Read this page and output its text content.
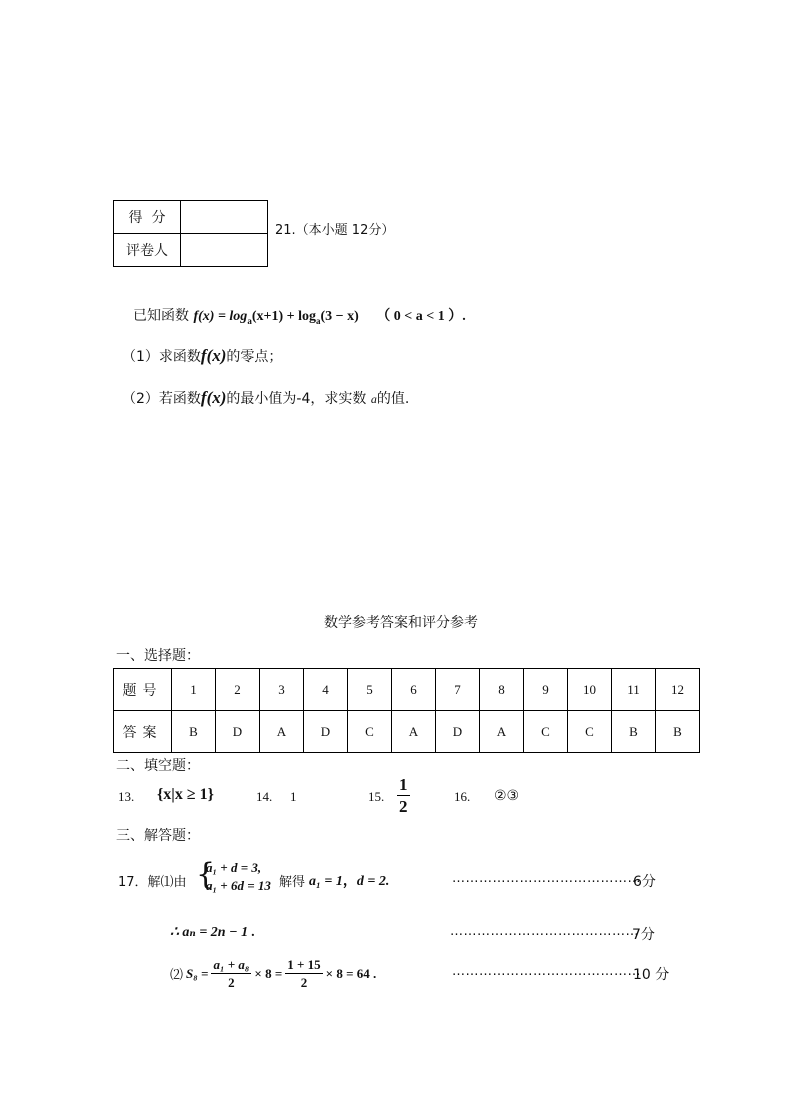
得  分	
评卷人	
21.（本小题 12分）
已知函数 $f(x) = \log_a(x+1) + \log_a(3 - x)$ （ 0 < a < 1 ）.
（1）求函数f(x)的零点；
（2）若函数f(x)的最小值为-4，求实数 a的值.
数学参考答案和评分参考
一、选择题：
题号	1	2	3	4	5	6	7	8	9	10	11	12
答案	B	D	A	D	C	A	D	A	C	C	B	B
二、填空题：
13. {x|x ≥ 1}	14. 1	15. $\frac{1}{2}$	16. ②③
三、解答题：
17．解⑴由 {
a₁ + d = 3,
a₁ + 6d = 13 解得 a₁ = 1，d = 2.	……………………………………
6分
∴ aₙ = 2n − 1 .	……………………………………
7分
⑵ $S_8 = \frac{\text{a₁ + a₈}}{2} \times 8 = \frac{1 + 15}{2} \times 8 = 64$ .	……………………………………
10 分
